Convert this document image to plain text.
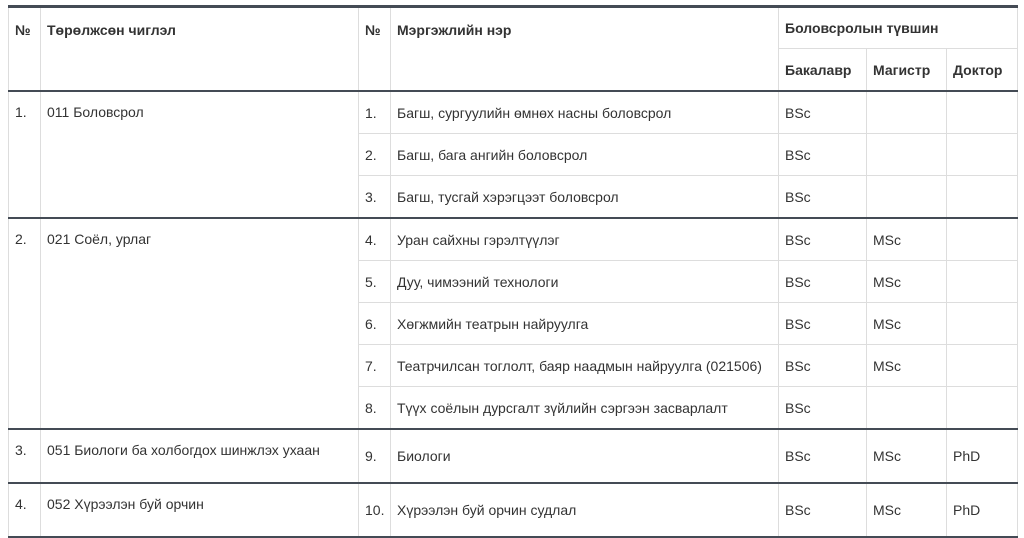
№	Төрөлжсөн чиглэл	№	Мэргэжлийн нэр	Боловсролын түвшин		
				Бакалавр	Магистр	Доктор
1.	011 Боловсрол	1.	Багш, сургуулийн өмнөх насны боловсрол	BSc		
		2.	Багш, бага ангийн боловсрол	BSc		
		3.	Багш, тусгай хэрэгцээт боловсрол	BSc		
2.	021 Соёл, урлаг	4.	Уран сайхны гэрэлтүүлэг	BSc	MSc	
		5.	Дуу, чимээний технологи	BSc	MSc	
		6.	Хөгжмийн театрын найруулга	BSc	MSc	
		7.	Театрчилсан тоглолт, баяр наадмын найруулга (021506)	BSc	MSc	
		8.	Түүх соёлын дурсгалт зүйлийн сэргээн засварлалт	BSc		
3.	051 Биологи ба холбогдох шинжлэх ухаан	9.	Биологи	BSc	MSc	PhD
4.	052 Хүрээлэн буй орчин	10.	Хүрээлэн буй орчин судлал	BSc	MSc	PhD
